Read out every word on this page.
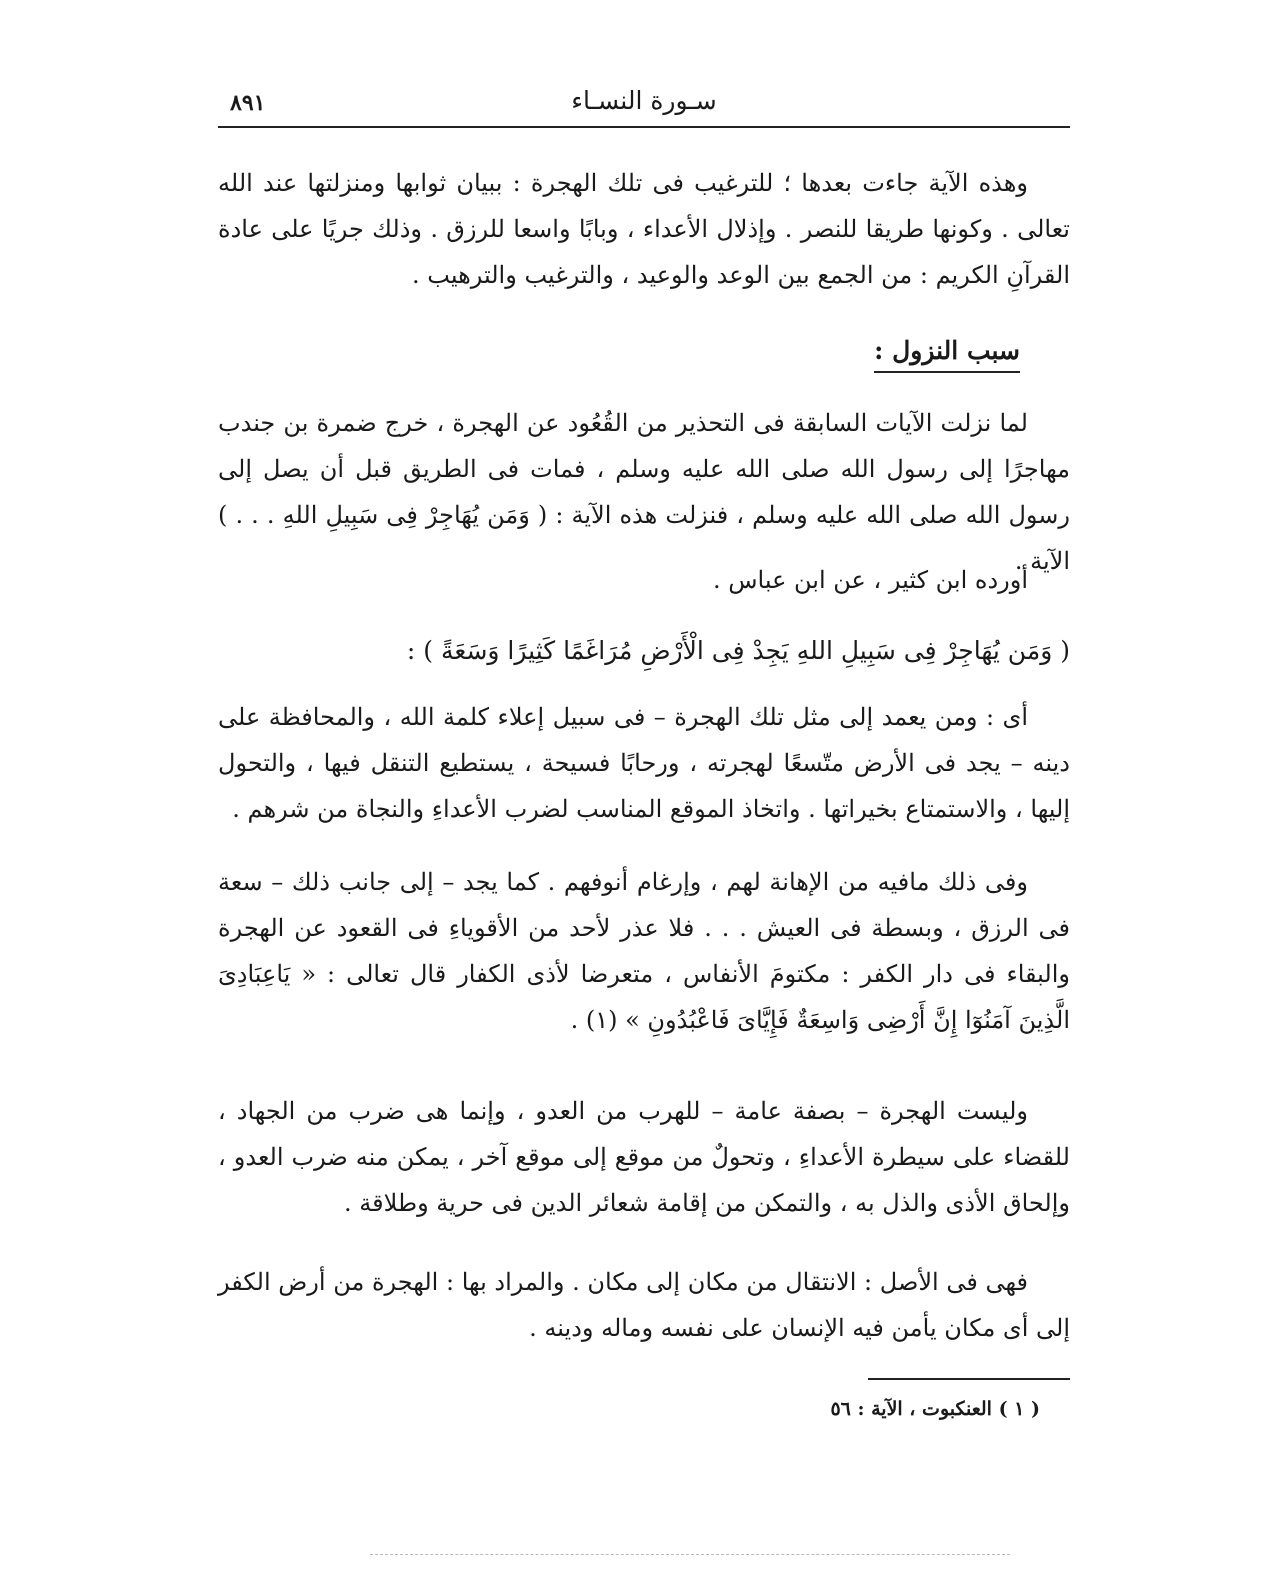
٨٩١	سـورة النسـاء

وهذه الآية جاءت بعدها ؛ للترغيب فى تلك الهجرة : ببيان ثوابها ومنزلتها عند الله تعالى . وكونها طريقا للنصر . وإذلال الأعداء ، وبابًا واسعا للرزق . وذلك جريًا على عادة القرآنِ الكريم : من الجمع بين الوعد والوعيد ، والترغيب والترهيب .

سبب النزول :

لما نزلت الآيات السابقة فى التحذير من القُعُود عن الهجرة ، خرج ضمرة بن جندب مهاجرًا إلى رسول الله صلى الله عليه وسلم ، فمات فى الطريق قبل أن يصل إلى رسول الله صلى الله عليه وسلم ، فنزلت هذه الآية : ( وَمَن يُهَاجِرْ فِى سَبِيلِ اللهِ . . . ) الآية .

أورده ابن كثير ، عن ابن عباس .

( وَمَن يُهَاجِرْ فِى سَبِيلِ اللهِ يَجِدْ فِى الْأَرْضِ مُرَاغَمًا كَثِيرًا وَسَعَةً ) :

أى : ومن يعمد إلى مثل تلك الهجرة – فى سبيل إعلاء كلمة الله ، والمحافظة على دينه – يجد فى الأرض متّسعًا لهجرته ، ورحابًا فسيحة ، يستطيع التنقل فيها ، والتحول إليها ، والاستمتاع بخيراتها . واتخاذ الموقع المناسب لضرب الأعداءِ والنجاة من شرهم .

وفى ذلك مافيه من الإهانة لهم ، وإرغام أنوفهم . كما يجد – إلى جانب ذلك – سعة فى الرزق ، وبسطة فى العيش . . . فلا عذر لأحد من الأقوياءِ فى القعود عن الهجرة والبقاء فى دار الكفر : مكتومَ الأنفاس ، متعرضا لأذى الكفار قال تعالى : « يَاعِبَادِىَ الَّذِينَ آمَنُوٓا إِنَّ أَرْضِى وَاسِعَةٌ فَإِيَّاىَ فَاعْبُدُونِ » (١) .

وليست الهجرة – بصفة عامة – للهرب من العدو ، وإنما هى ضرب من الجهاد ، للقضاء على سيطرة الأعداءِ ، وتحولٌ من موقع إلى موقع آخر ، يمكن منه ضرب العدو ، وإلحاق الأذى والذل به ، والتمكن من إقامة شعائر الدين فى حرية وطلاقة .

فهى فى الأصل : الانتقال من مكان إلى مكان . والمراد بها : الهجرة من أرض الكفر إلى أى مكان يأمن فيه الإنسان على نفسه وماله ودينه .

( ١ ) العنكبوت ، الآية : ٥٦
